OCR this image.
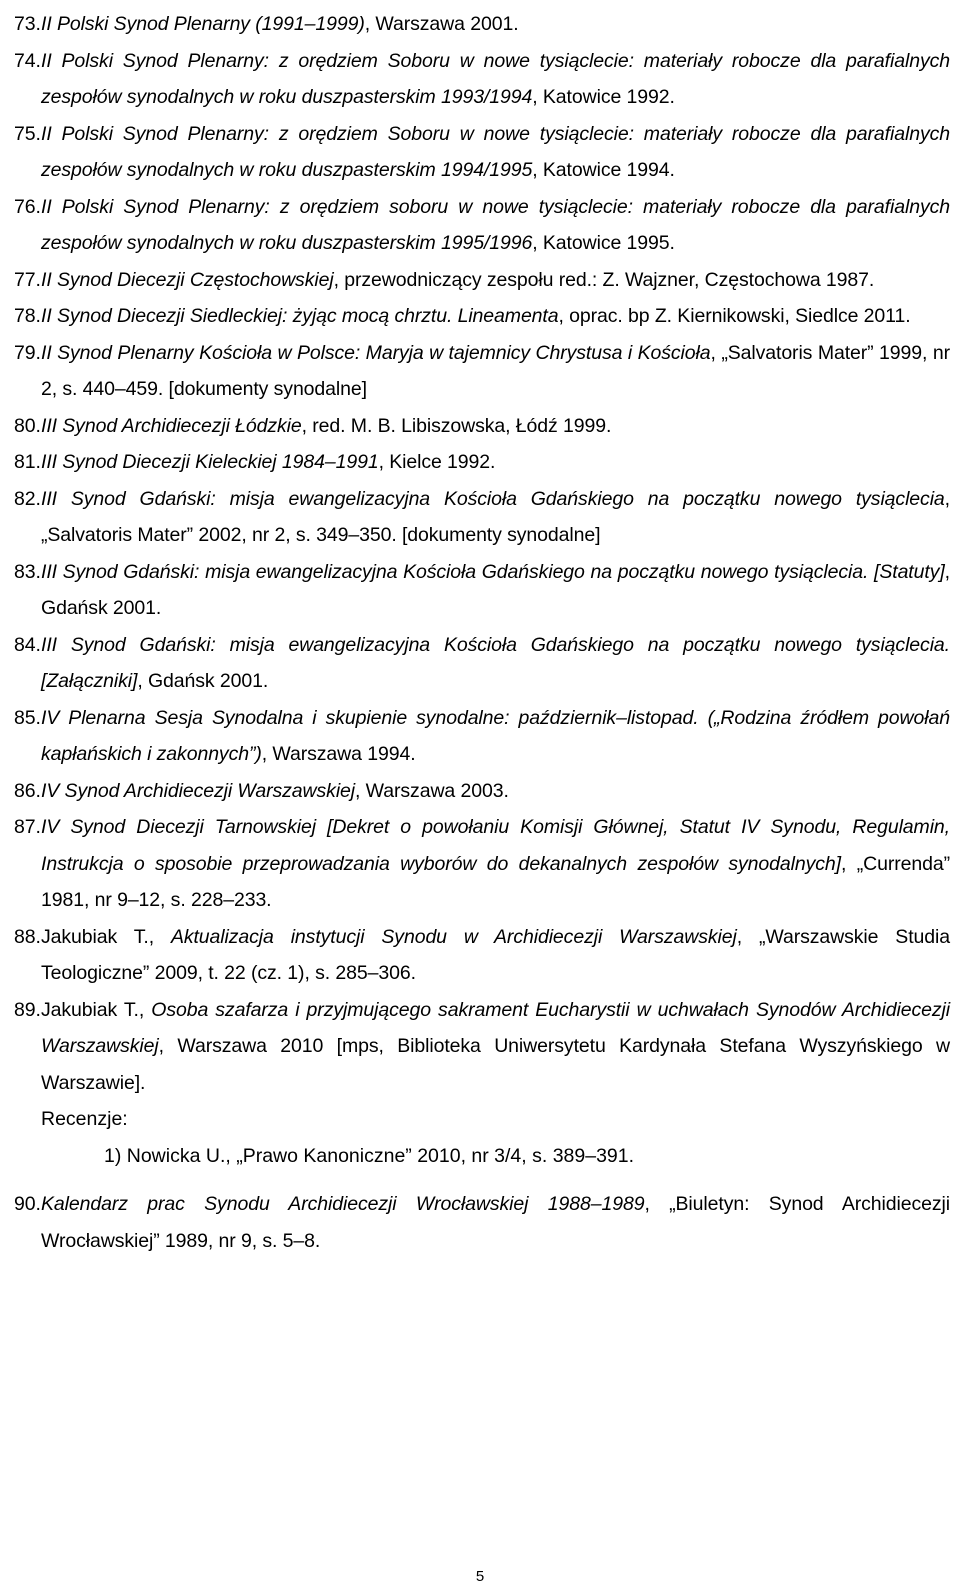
73. II Polski Synod Plenarny (1991–1999), Warszawa 2001.
74. II Polski Synod Plenarny: z orędziem Soboru w nowe tysiąclecie: materiały robocze dla parafialnych zespołów synodalnych w roku duszpasterskim 1993/1994, Katowice 1992.
75. II Polski Synod Plenarny: z orędziem Soboru w nowe tysiąclecie: materiały robocze dla parafialnych zespołów synodalnych w roku duszpasterskim 1994/1995, Katowice 1994.
76. II Polski Synod Plenarny: z orędziem soboru w nowe tysiąclecie: materiały robocze dla parafialnych zespołów synodalnych w roku duszpasterskim 1995/1996, Katowice 1995.
77. II Synod Diecezji Częstochowskiej, przewodniczący zespołu red.: Z. Wajzner, Częstochowa 1987.
78. II Synod Diecezji Siedleckiej: żyjąc mocą chrztu. Lineamenta, oprac. bp Z. Kiernikowski, Siedlce 2011.
79. II Synod Plenarny Kościoła w Polsce: Maryja w tajemnicy Chrystusa i Kościoła, „Salvatoris Mater” 1999, nr 2, s. 440–459. [dokumenty synodalne]
80. III Synod Archidiecezji Łódzkie, red. M. B. Libiszowska, Łódź 1999.
81. III Synod Diecezji Kieleckiej 1984–1991, Kielce 1992.
82. III Synod Gdański: misja ewangelizacyjna Kościoła Gdańskiego na początku nowego tysiąclecia, „Salvatoris Mater” 2002, nr 2, s. 349–350. [dokumenty synodalne]
83. III Synod Gdański: misja ewangelizacyjna Kościoła Gdańskiego na początku nowego tysiąclecia. [Statuty], Gdańsk 2001.
84. III Synod Gdański: misja ewangelizacyjna Kościoła Gdańskiego na początku nowego tysiąclecia. [Załączniki], Gdańsk 2001.
85. IV Plenarna Sesja Synodalna i skupienie synodalne: październik–listopad. („Rodzina źródłem powołań kapłańskich i zakonnych”), Warszawa 1994.
86. IV Synod Archidiecezji Warszawskiej, Warszawa 2003.
87. IV Synod Diecezji Tarnowskiej [Dekret o powołaniu Komisji Głównej, Statut IV Synodu, Regulamin, Instrukcja o sposobie przeprowadzania wyborów do dekanalnych zespołów synodalnych], „Currenda” 1981, nr 9–12, s. 228–233.
88. Jakubiak T., Aktualizacja instytucji Synodu w Archidiecezji Warszawskiej, „Warszawskie Studia Teologiczne” 2009, t. 22 (cz. 1), s. 285–306.
89. Jakubiak T., Osoba szafarza i przyjmującego sakrament Eucharystii w uchwałach Synodów Archidiecezji Warszawskiej, Warszawa 2010 [mps, Biblioteka Uniwersytetu Kardynała Stefana Wyszyńskiego w Warszawie].
Recenzje:
1) Nowicka U., „Prawo Kanoniczne” 2010, nr 3/4, s. 389–391.
90. Kalendarz prac Synodu Archidiecezji Wrocławskiej 1988–1989, „Biuletyn: Synod Archidiecezji Wrocławskiej” 1989, nr 9, s. 5–8.
5
